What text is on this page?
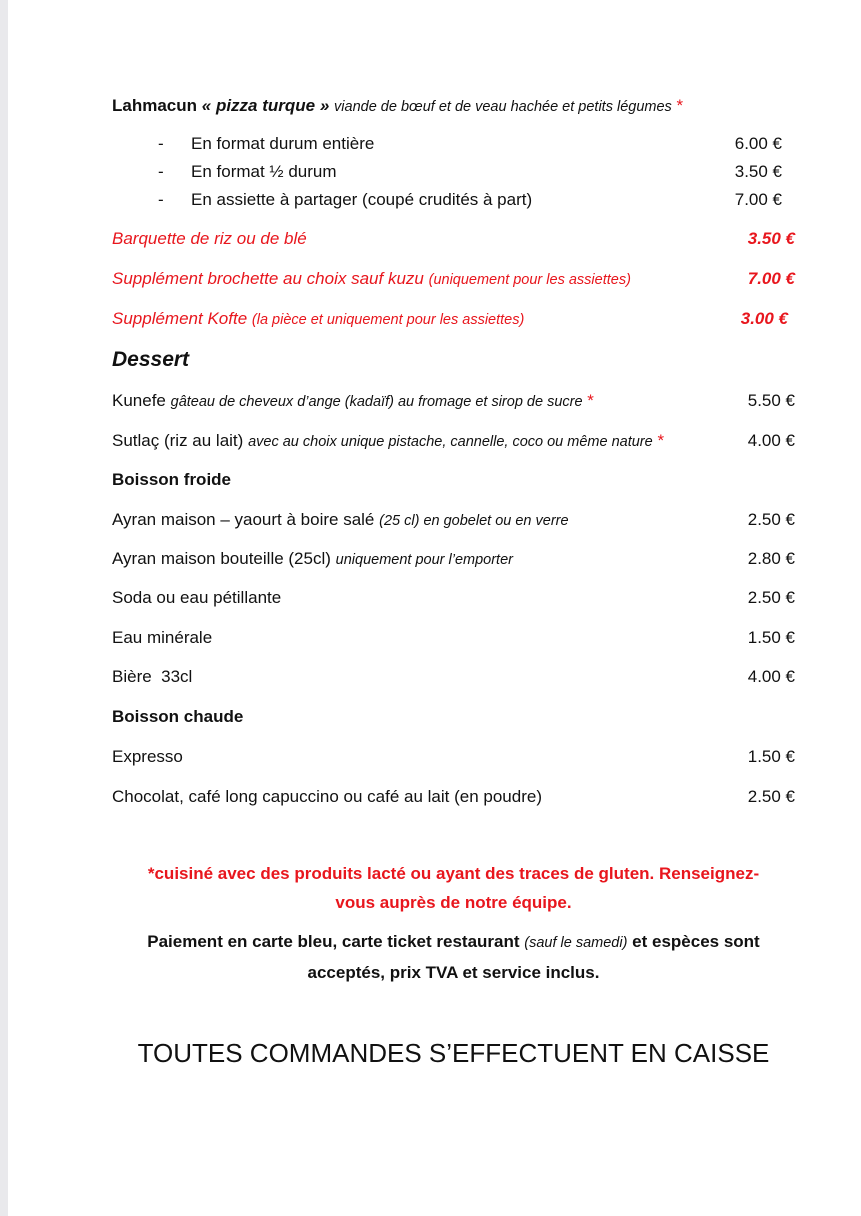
Lahmacun « pizza turque » viande de bœuf et de veau hachée et petits légumes *
- En format durum entière	6.00 €
- En format ½ durum	3.50 €
- En assiette à partager (coupé crudités à part)	7.00 €
Barquette de riz ou de blé	3.50 €
Supplément brochette au choix sauf kuzu (uniquement pour les assiettes)	7.00 €
Supplément Kofte (la pièce et uniquement pour les assiettes)	3.00 €
Dessert
Kunefe gâteau de cheveux d’ange (kadaïf) au fromage et sirop de sucre *	5.50 €
Sutlaç (riz au lait) avec au choix unique pistache, cannelle, coco ou même nature *	4.00 €
Boisson froide
Ayran maison – yaourt à boire salé (25 cl) en gobelet ou en verre	2.50 €
Ayran maison bouteille (25cl) uniquement pour l’emporter	2.80 €
Soda ou eau pétillante	2.50 €
Eau minérale	1.50 €
Bière  33cl	4.00 €
Boisson chaude
Expresso	1.50 €
Chocolat, café long capuccino ou café au lait (en poudre)	2.50 €
*cuisiné avec des produits lacté ou ayant des traces de gluten. Renseignez-
vous auprès de notre équipe.
Paiement en carte bleu, carte ticket restaurant (sauf le samedi) et espèces sont
acceptés, prix TVA et service inclus.
TOUTES COMMANDES S’EFFECTUENT EN CAISSE
